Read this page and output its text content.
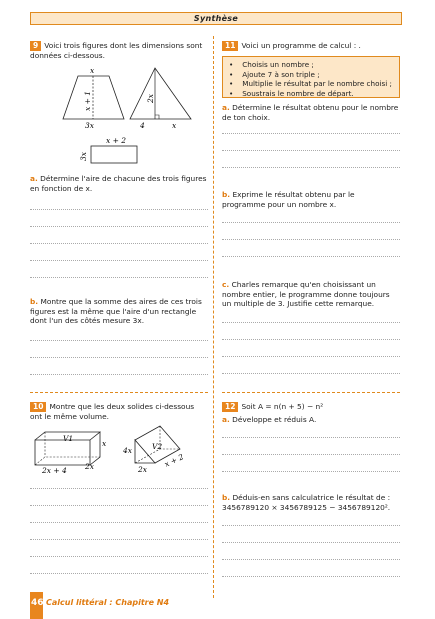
Synthèse
9 Voici trois figures dont les dimensions sont données ci-dessous.
x
x + 1
3x
2x
4	x
x + 2
3x
a. Détermine l'aire de chacune des trois figures en fonction de x.
b. Montre que la somme des aires de ces trois figures est la même que l'aire d'un rectangle dont l'un des côtés mesure 3x.
10 Montre que les deux solides ci-dessous ont le même volume.
V1
x
2x + 4 2x
V2
4x
2x
x + 2
11 Voici un programme de calcul : .
• Choisis un nombre ;
• Ajoute 7 à son triple ;
• Multiplie le résultat par le nombre choisi ;
• Soustrais le nombre de départ.
a. Détermine le résultat obtenu pour le nombre de ton choix.
b. Exprime le résultat obtenu par le programme pour un nombre x.
c. Charles remarque qu'en choisissant un nombre entier, le programme donne toujours un multiple de 3. Justifie cette remarque.
12 Soit A = n(n + 5) − n²
a. Développe et réduis A.
b. Déduis-en sans calculatrice le résultat de : 3456789120 × 3456789125 − 3456789120².
46 Calcul littéral : Chapitre N4
